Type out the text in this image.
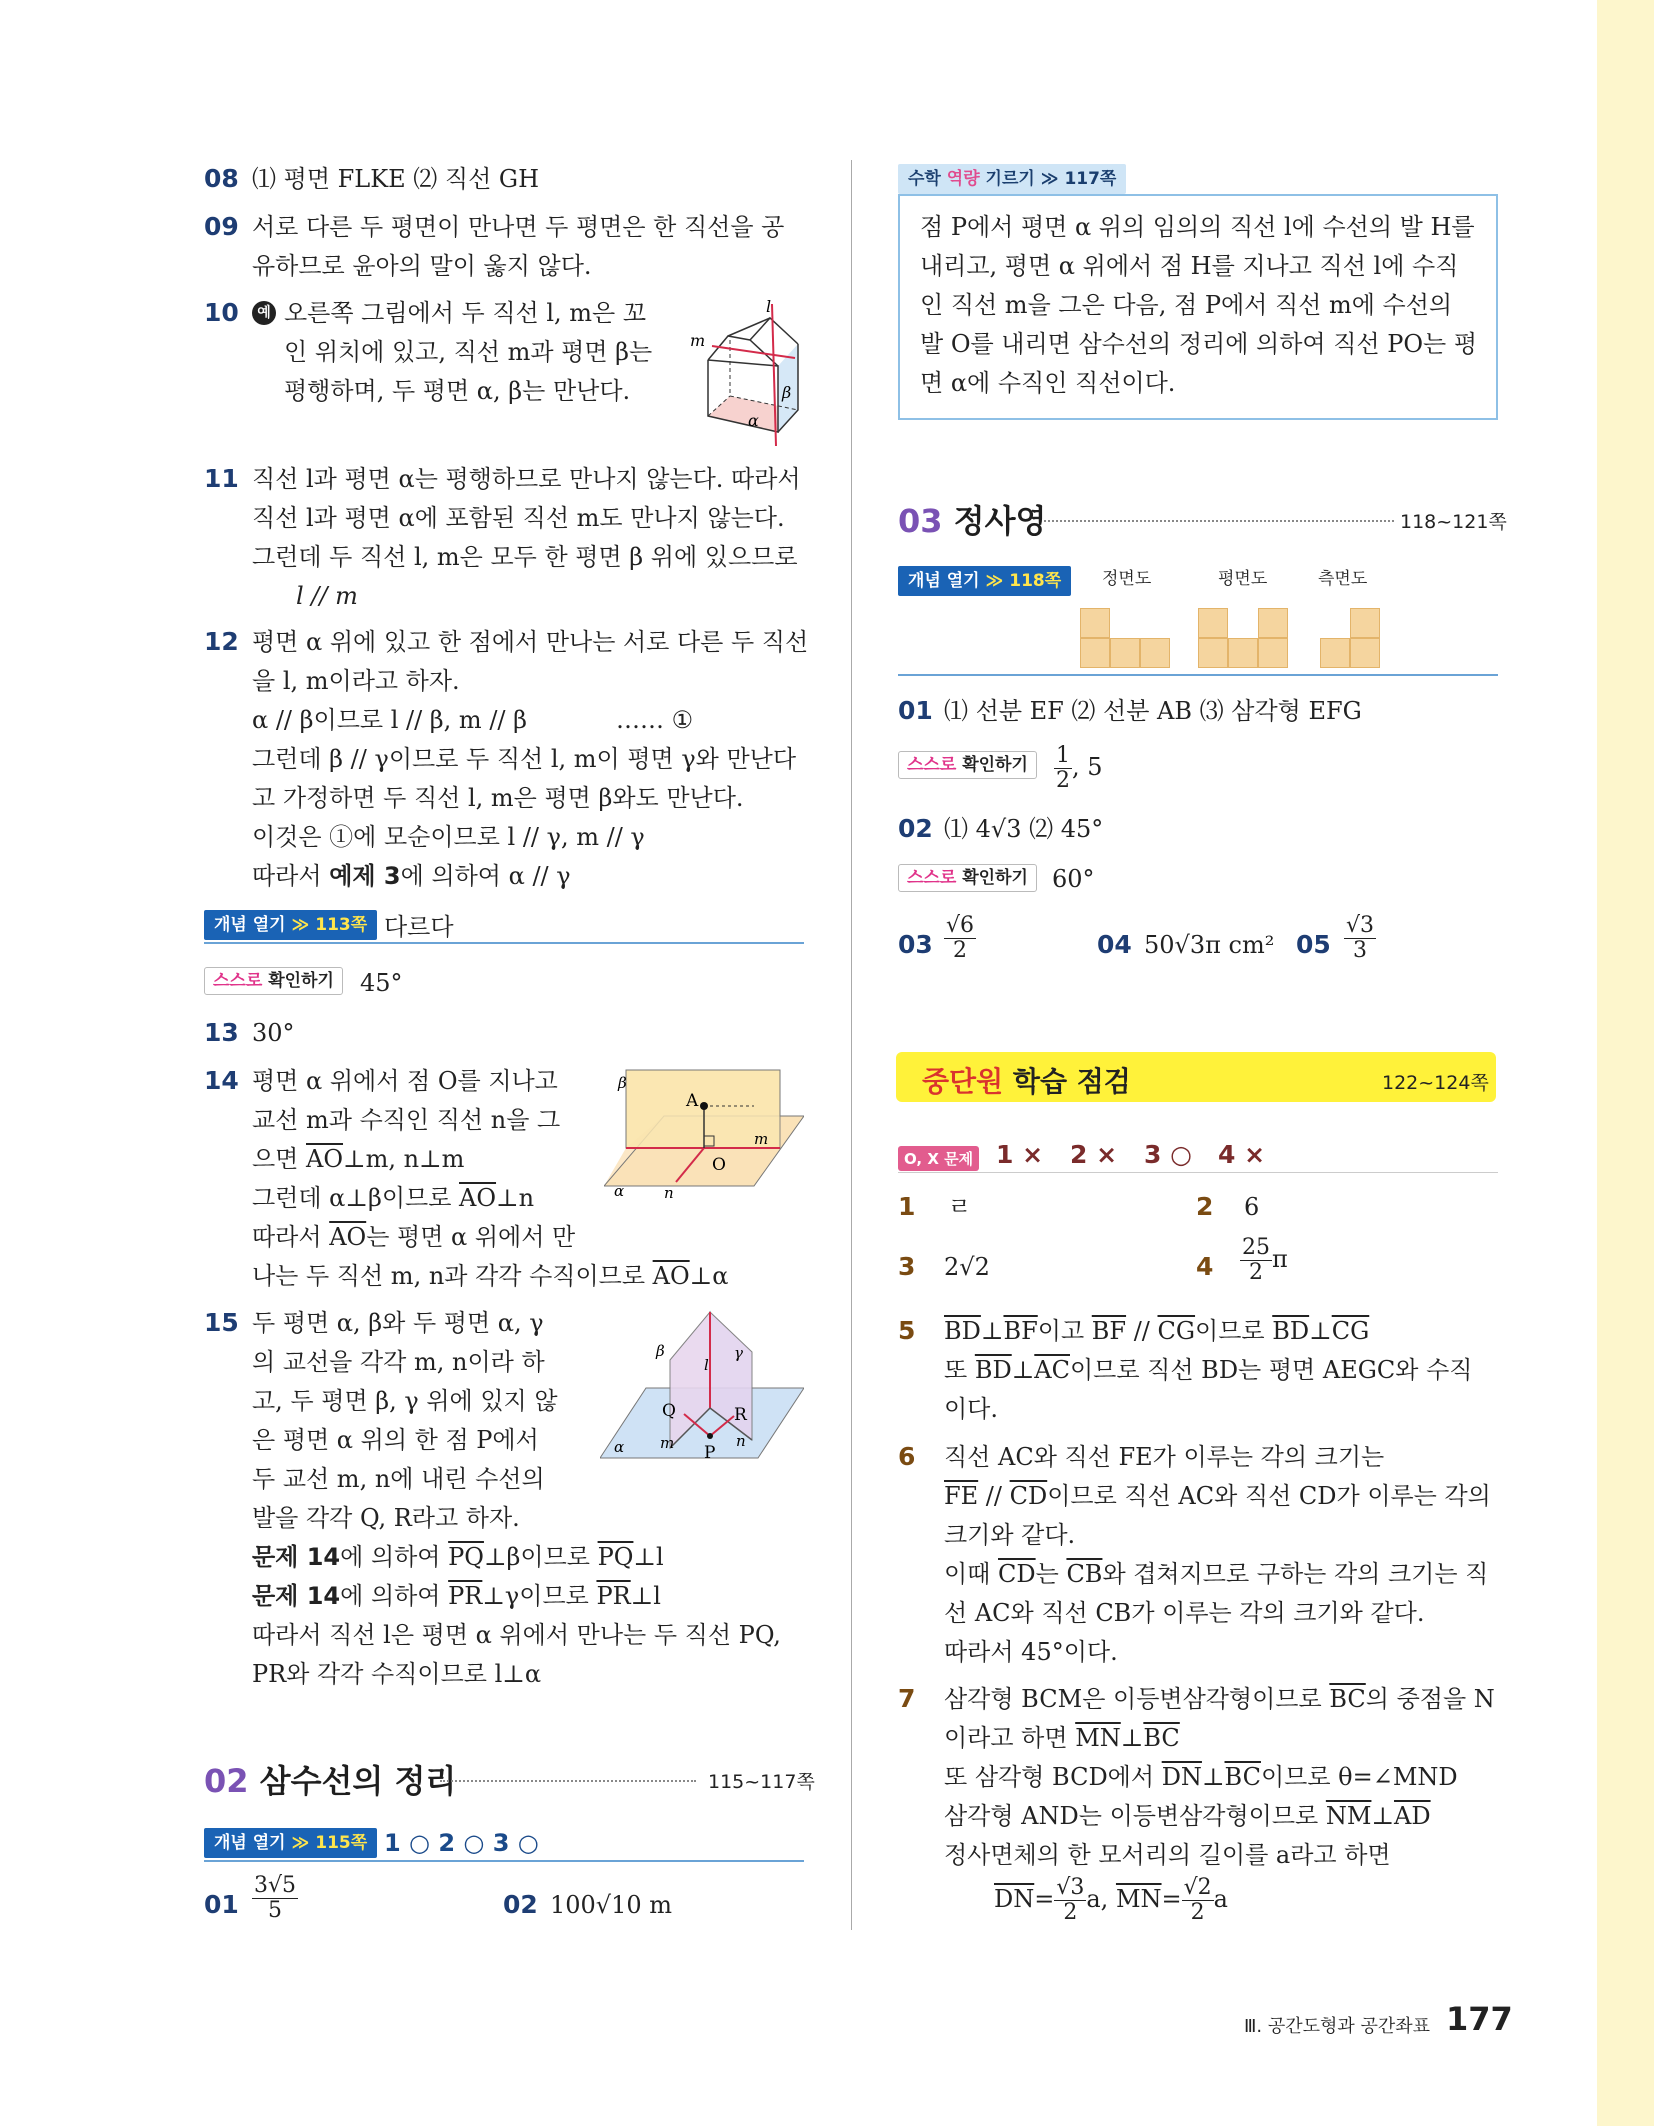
08 ⑴ 평면 FLKE ⑵ 직선 GH
09 서로 다른 두 평면이 만나면 두 평면은 한 직선을 공
유하므로 윤아의 말이 옳지 않다.
10	예 오른쪽 그림에서 두 직선 l, m은 꼬
인 위치에 있고, 직선 m과 평면 β는
평행하며, 두 평면 α, β는 만난다.
l
m
β
α
11 직선 l과 평면 α는 평행하므로 만나지 않는다. 따라서
직선 l과 평면 α에 포함된 직선 m도 만나지 않는다.
그런데 두 직선 l, m은 모두 한 평면 β 위에 있으므로
l // m
12 평면 α 위에 있고 한 점에서 만나는 서로 다른 두 직선
을 l, m이라고 하자.
α // β이므로 l // β, m // β	…… ①
그런데 β // γ이므로 두 직선 l, m이 평면 γ와 만난다
고 가정하면 두 직선 l, m은 평면 β와도 만난다.
이것은 ①에 모순이므로 l // γ, m // γ
따라서 예제 3에 의하여 α // γ
개념 열기 ≫ 113쪽 다르다
스스로 확인하기	45°
13 30°
14 평면 α 위에서 점 O를 지나고
교선 m과 수직인 직선 n을 그
으면 $\overline{AO}\perp m$, n⊥m
그런데 α⊥β이므로 $\overline{AO}\perp n$
따라서 $\overline{AO}$는 평면 α 위에서 만
나는 두 직선 m, n과 각각 수직이므로 $\overline{AO}\perp\alpha$
β
A
O
m
n
α
15 두 평면 α, β와 두 평면 α, γ
의 교선을 각각 m, n이라 하
고, 두 평면 β, γ 위에 있지 않
은 평면 α 위의 한 점 P에서
두 교선 m, n에 내린 수선의
발을 각각 Q, R라고 하자.
문제 14에 의하여 $\overline{PQ}\perp\beta$이므로 $\overline{PQ}\perp l$
문제 14에 의하여 $\overline{PR}\perp\gamma$이므로 $\overline{PR}\perp l$
따라서 직선 l은 평면 α 위에서 만나는 두 직선 PQ,
PR와 각각 수직이므로 l⊥α
β	γ
l
Q	R
P
m	n
α
02 삼수선의 정리	115~117쪽
개념 열기 ≫ 115쪽 1 ○ 2 ○ 3 ○
$01 \frac{3√5}{5}$	02 100√10 m
수학 역량 기르기 ≫ 117쪽
점 P에서 평면 α 위의 임의의 직선 l에 수선의 발 H를
내리고, 평면 α 위에서 점 H를 지나고 직선 l에 수직
인 직선 m을 그은 다음, 점 P에서 직선 m에 수선의
발 O를 내리면 삼수선의 정리에 의하여 직선 PO는 평
면 α에 수직인 직선이다.
03 정사영	118~121쪽
개념 열기 ≫ 118쪽	정면도	평면도	측면도
01 ⑴ 선분 EF ⑵ 선분 AB ⑶ 삼각형 EFG
스스로 확인하기	$\frac{1}{2}$ , 5
02 ⑴ 4√3 ⑵ 45°
스스로 확인하기	60°
$03 \frac{√6}{2}$	04 50√3π cm² $05 \frac{√3}{3}$
중단원 학습 점검	122~124쪽
O, X 문제 1 × 2 × 3 ○ 4 ×
1 ㄹ	2 6
3 2√2	$4 \frac{25}{2}$ π
5 $\overline{BD}\perp\overline{BF}$이고 $\overline{BF} // \overline{CG}$이므로 $\overline{BD}\perp\overline{CG}$
또 $\overline{BD}\perp\overline{AC}$이므로 직선 BD는 평면 AEGC와 수직
이다.
6 직선 AC와 직선 FE가 이루는 각의 크기는
$\overline{FE} // \overline{CD}$이므로 직선 AC와 직선 CD가 이루는 각의
크기와 같다.
이때 $\overline{CD}$는 $\overline{CB}$와 겹쳐지므로 구하는 각의 크기는 직
선 AC와 직선 CB가 이루는 각의 크기와 같다.
따라서 45°이다.
7 삼각형 BCM은 이등변삼각형이므로 $\overline{BC}$의 중점을 N
이라고 하면 $\overline{MN}\perp\overline{BC}$
또 삼각형 BCD에서 $\overline{DN}\perp\overline{BC}$이므로 θ=∠MND
삼각형 AND는 이등변삼각형이므로 $\overline{NM}\perp\overline{AD}$
정사면체의 한 모서리의 길이를 a라고 하면
$\overline{DN}= \frac{√3}{2} a$, $\overline{MN}= \frac{√2}{2}$ a
Ⅲ. 공간도형과 공간좌표 177
